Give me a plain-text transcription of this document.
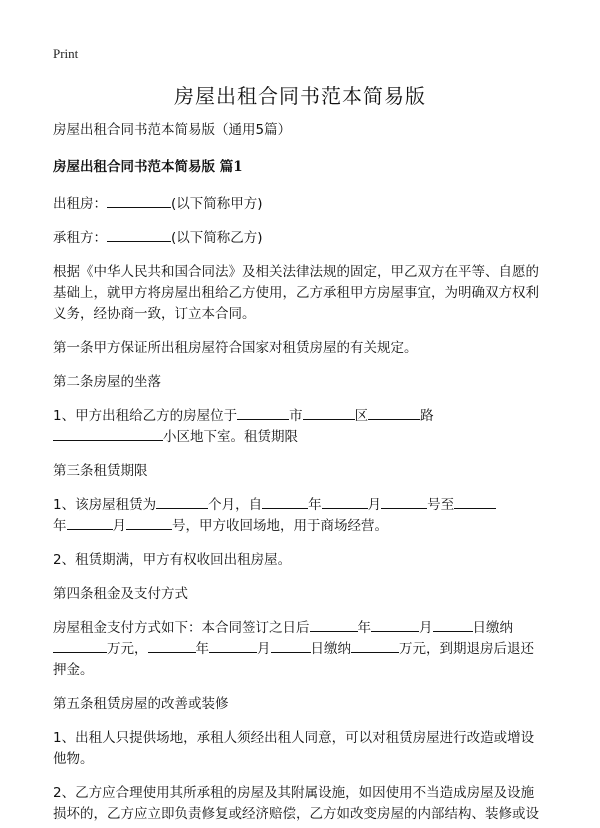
Print
房屋出租合同书范本简易版

房屋出租合同书范本简易版（通用5篇）

房屋出租合同书范本简易版 篇1

出租房：	(以下简称甲方)

承租方：	(以下简称乙方)

根据《中华人民共和国合同法》及相关法律法规的固定，甲乙双方在平等、自愿的基础上，就甲方将房屋出租给乙方使用，乙方承租甲方房屋事宜，为明确双方权利义务，经协商一致，订立本合同。

第一条甲方保证所出租房屋符合国家对租赁房屋的有关规定。

第二条房屋的坐落

1、甲方出租给乙方的房屋位于	市	区	路
小区地下室。租赁期限

第三条租赁期限

1、该房屋租赁为	个月，自	年	月	号至
年	月	号，甲方收回场地，用于商场经营。

2、租赁期满，甲方有权收回出租房屋。

第四条租金及支付方式

房屋租金支付方式如下：本合同签订之日后	年	月	日缴纳
万元，	年	月	日缴纳	万元，到期退房后退还押金。

第五条租赁房屋的改善或装修

1、出租人只提供场地，承租人须经出租人同意，可以对租赁房屋进行改造或增设他物。

2、乙方应合理使用其所承租的房屋及其附属设施，如因使用不当造成房屋及设施损坏的，乙方应立即负责修复或经济赔偿，乙方如改变房屋的内部结构、装修或设
